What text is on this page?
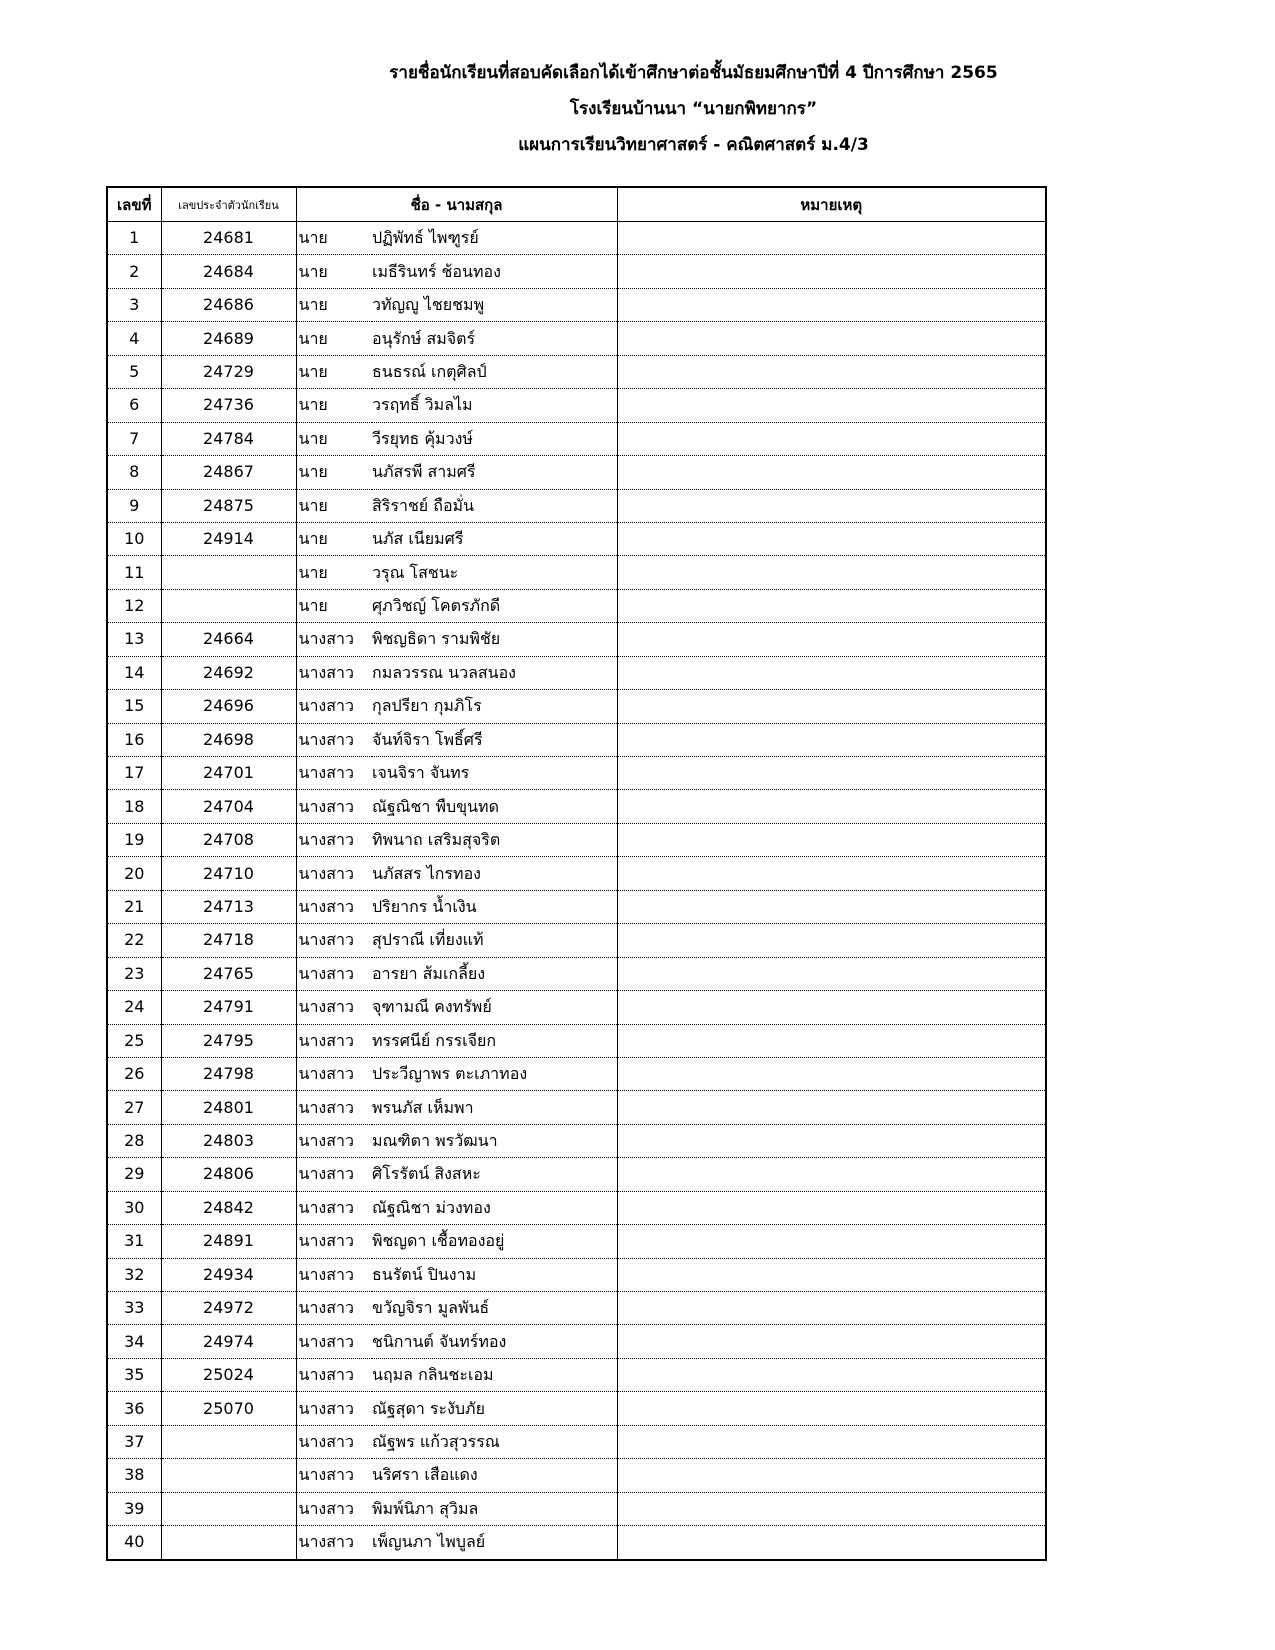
รายชื่อนักเรียนที่สอบคัดเลือกได้เข้าศึกษาต่อชั้นมัธยมศึกษาปีที่ 4 ปีการศึกษา 2565
โรงเรียนบ้านนา “นายกพิทยากร”
แผนการเรียนวิทยาศาสตร์ - คณิตศาสตร์ ม.4/3
เลขที่	เลขประจำตัวนักเรียน	ชื่อ - นามสกุล		หมายเหตุ
1	24681	นาย	ปฏิพัทธ์ ไพฑูรย์	
2	24684	นาย	เมธีรินทร์ ช้อนทอง	
3	24686	นาย	วทัญญู ไชยชมพู	
4	24689	นาย	อนุรักษ์ สมจิตร์	
5	24729	นาย	ธนธรณ์ เกตุศิลป์	
6	24736	นาย	วรฤทธิ์ วิมลไม	
7	24784	นาย	วีรยุทธ คุ้มวงษ์	
8	24867	นาย	นภัสรพี สามศรี	
9	24875	นาย	สิริราชย์ ถือมั่น	
10	24914	นาย	นภัส เนียมศรี	
11		นาย	วรุณ โสชนะ	
12		นาย	ศุภวิชญ์ โคตรภักดี	
13	24664	นางสาว	พิชญธิดา รามพิชัย	
14	24692	นางสาว	กมลวรรณ นวลสนอง	
15	24696	นางสาว	กุลปรียา กุมภิโร	
16	24698	นางสาว	จันท์จิรา โพธิ์ศรี	
17	24701	นางสาว	เจนจิรา จันทร	
18	24704	นางสาว	ณัฐณิชา พืบขุนทด	
19	24708	นางสาว	ทิพนาถ เสริมสุจริต	
20	24710	นางสาว	นภัสสร ไกรทอง	
21	24713	นางสาว	ปริยากร น้ำเงิน	
22	24718	นางสาว	สุปราณี เที่ยงแท้	
23	24765	นางสาว	อารยา ส้มเกลี้ยง	
24	24791	นางสาว	จุฑามณี คงทรัพย์	
25	24795	นางสาว	ทรรศนีย์ กรรเจียก	
26	24798	นางสาว	ประวีญาพร ตะเภาทอง	
27	24801	นางสาว	พรนภัส เห็มพา	
28	24803	นางสาว	มณฑิตา พรวัฒนา	
29	24806	นางสาว	ศิโรรัตน์ สิงสหะ	
30	24842	นางสาว	ณัฐณิชา ม่วงทอง	
31	24891	นางสาว	พิชญดา เชื้อทองอยู่	
32	24934	นางสาว	ธนรัตน์ ปินงาม	
33	24972	นางสาว	ขวัญจิรา มูลพันธ์	
34	24974	นางสาว	ชนิกานต์ จันทร์ทอง	
35	25024	นางสาว	นฤมล กลินชะเอม	
36	25070	นางสาว	ณัฐสุดา ระงับภัย	
37		นางสาว	ณัฐพร แก้วสุวรรณ	
38		นางสาว	นริศรา เสือแดง	
39		นางสาว	พิมพ์นิภา สุวิมล	
40		นางสาว	เพ็ญนภา ไพบูลย์	
